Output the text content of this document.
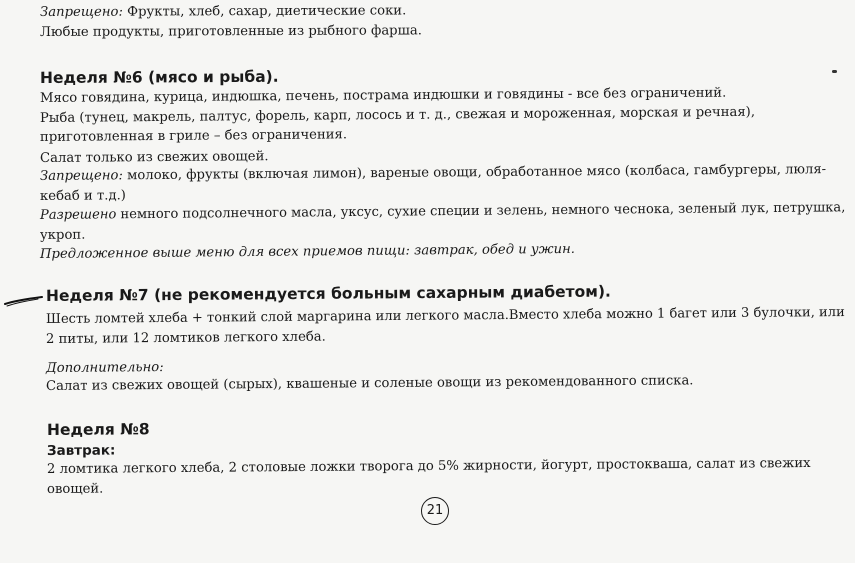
Запрещено: Фрукты, хлеб, сахар, диетические соки.
Любые продукты, приготовленные из рыбного фарша.
Неделя №6 (мясо и рыба).
Мясо говядина, курица, индюшка, печень, пострама индюшки и говядины - все без ограничений.
Рыба (тунец, макрель, палтус, форель, карп, лосось и т. д., свежая и мороженная, морская и речная),
приготовленная в гриле – без ограничения.
Салат только из свежих овощей.
Запрещено: молоко, фрукты (включая лимон), вареные овощи, обработанное мясо (колбаса, гамбургеры, люля-
кебаб и т.д.)
Разрешено немного подсолнечного масла, уксус, сухие специи и зелень, немного чеснока, зеленый лук, петрушка,
укроп.
Предложенное выше меню для всех приемов пищи: завтрак, обед и ужин.
Неделя №7 (не рекомендуется больным сахарным диабетом).
Шесть ломтей хлеба + тонкий слой маргарина или легкого масла.Вместо хлеба можно 1 багет или 3 булочки, или
2 питы, или 12 ломтиков легкого хлеба.
Дополнительно:
Салат из свежих овощей (сырых), квашеные и соленые овощи из рекомендованного списка.
Неделя №8
Завтрак:
2 ломтика легкого хлеба, 2 столовые ложки творога до 5% жирности, йогурт, простокваша, салат из свежих
овощей.
21
